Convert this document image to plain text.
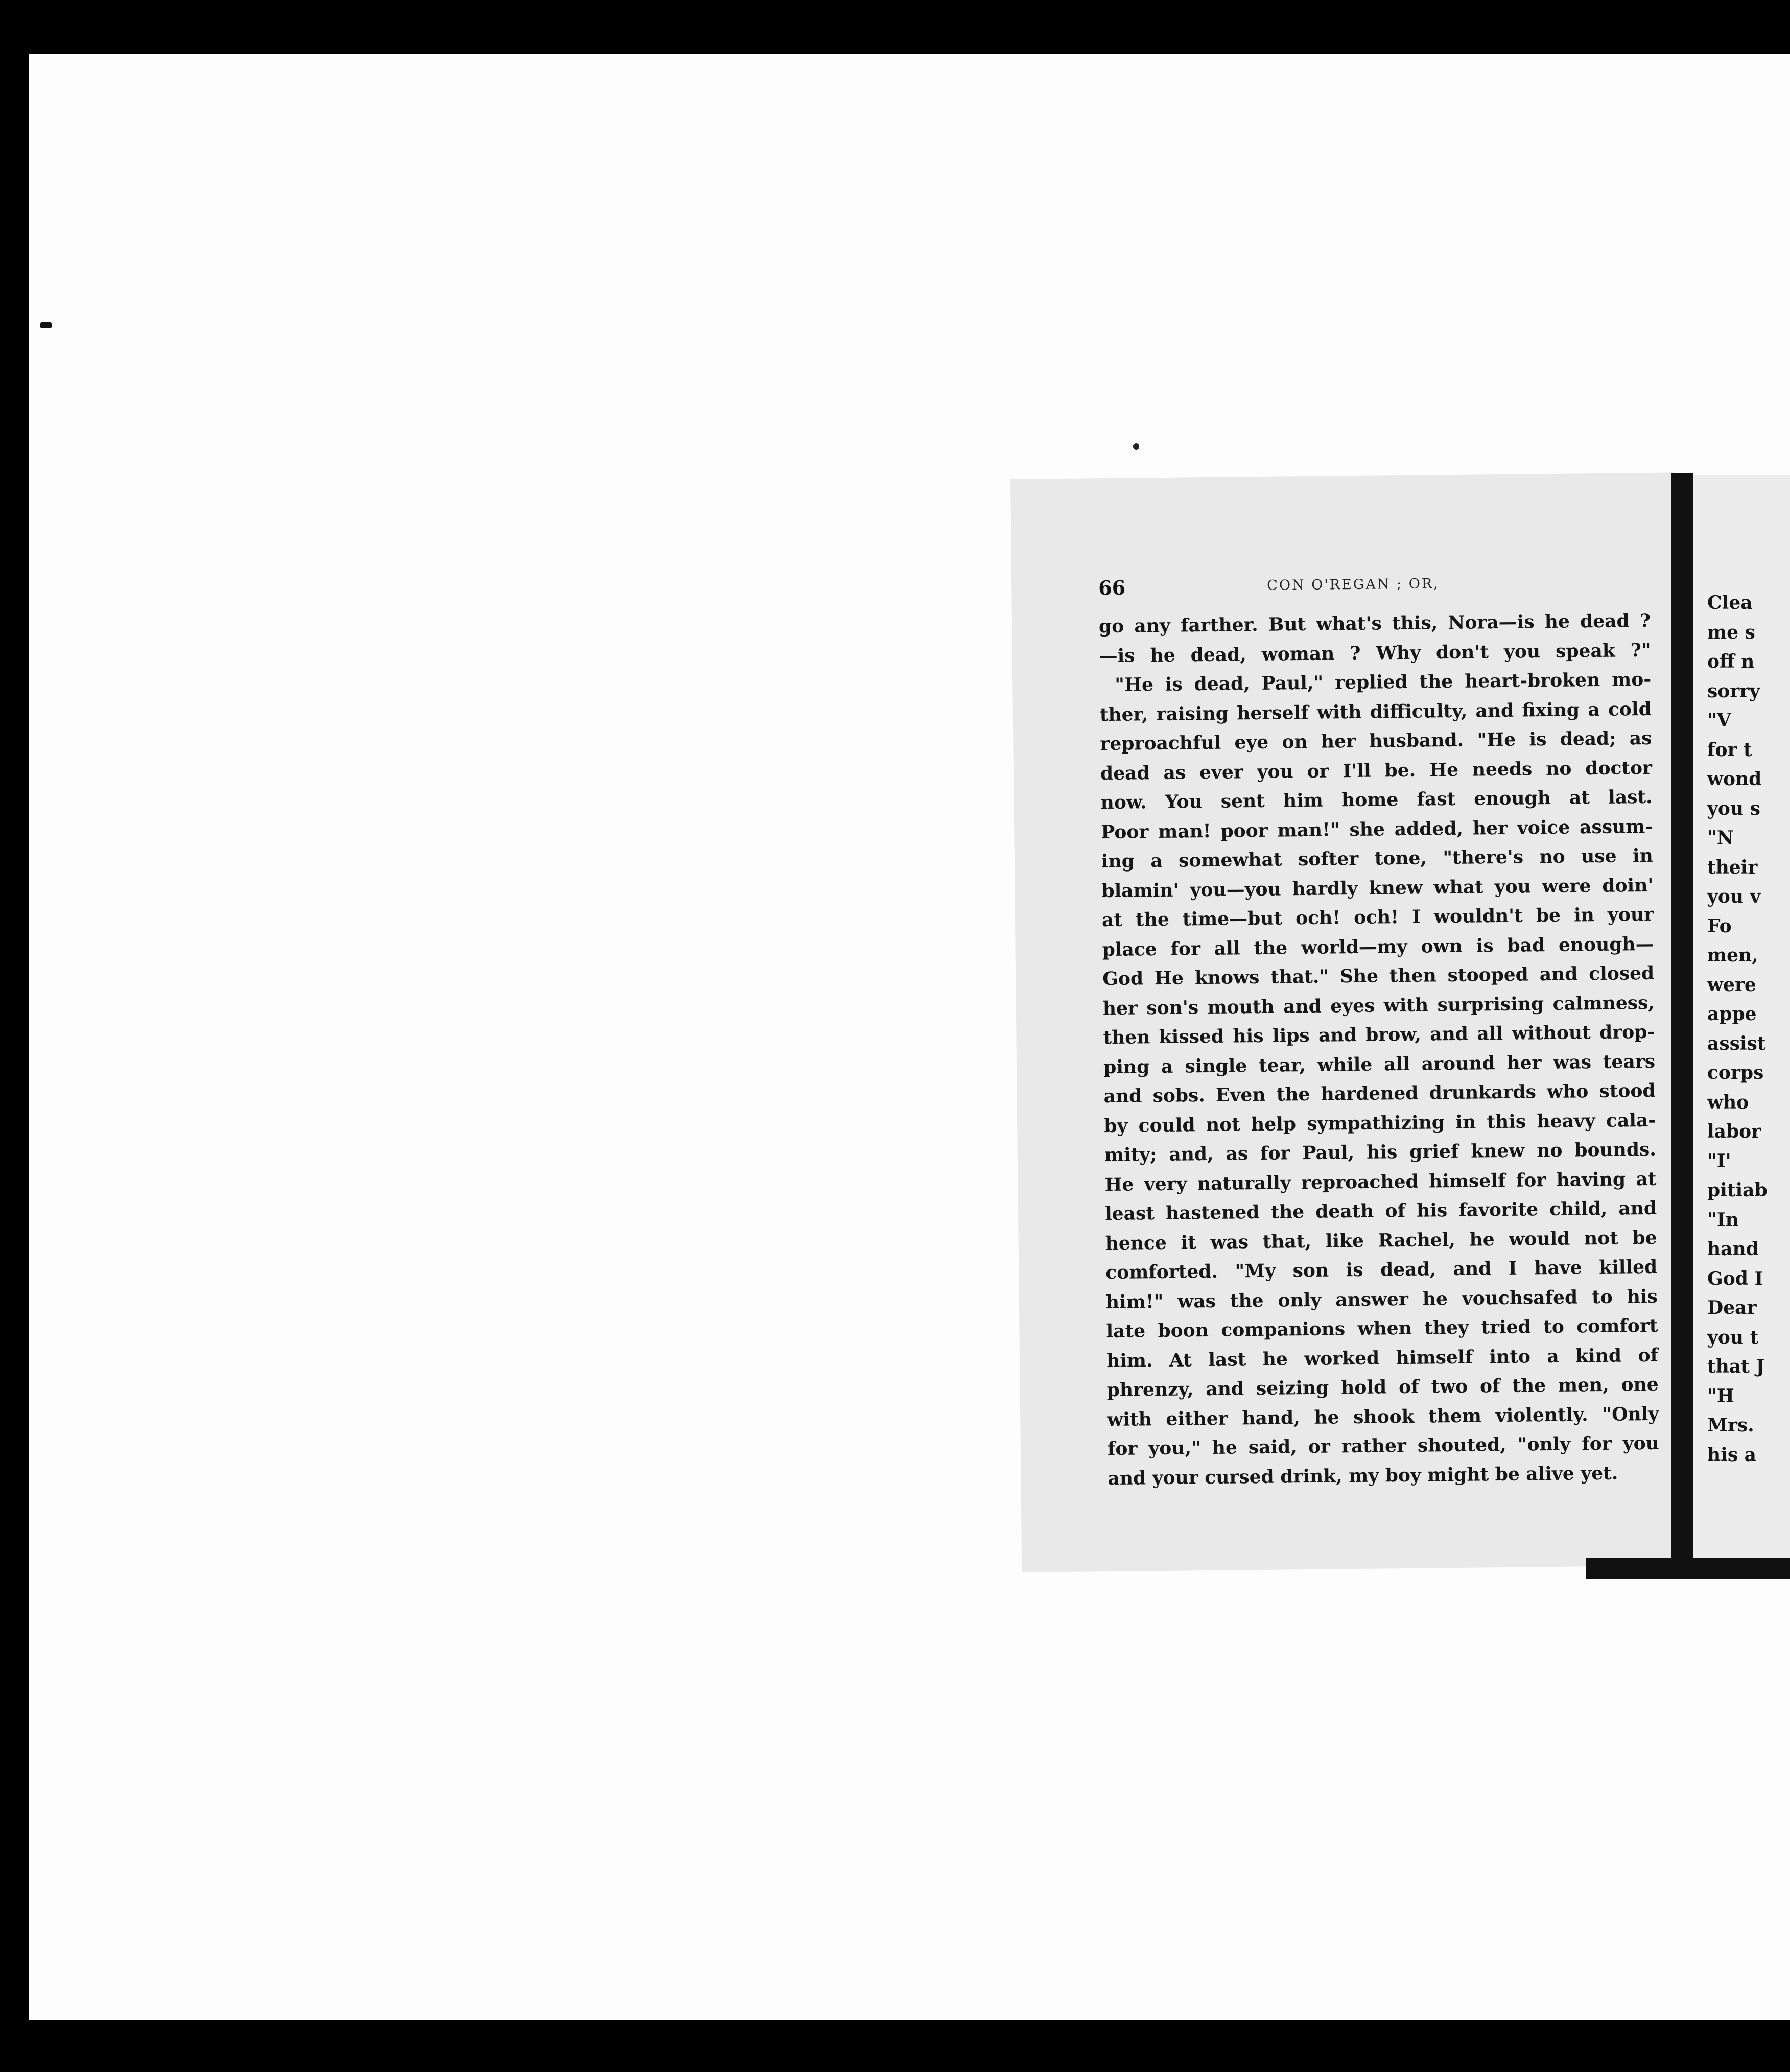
66	CON O'REGAN ; OR,
go any farther. But what's this, Nora—is he dead ?
—is he dead, woman ? Why don't you speak ?"
"He is dead, Paul," replied the heart-broken mo-
ther, raising herself with difficulty, and fixing a cold
reproachful eye on her husband. "He is dead; as
dead as ever you or I'll be. He needs no doctor
now. You sent him home fast enough at last.
Poor man! poor man!" she added, her voice assum-
ing a somewhat softer tone, "there's no use in
blamin' you—you hardly knew what you were doin'
at the time—but och! och! I wouldn't be in your
place for all the world—my own is bad enough—
God He knows that." She then stooped and closed
her son's mouth and eyes with surprising calmness,
then kissed his lips and brow, and all without drop-
ping a single tear, while all around her was tears
and sobs. Even the hardened drunkards who stood
by could not help sympathizing in this heavy cala-
mity; and, as for Paul, his grief knew no bounds.
He very naturally reproached himself for having at
least hastened the death of his favorite child, and
hence it was that, like Rachel, he would not be
comforted. "My son is dead, and I have killed
him!" was the only answer he vouchsafed to his
late boon companions when they tried to comfort
him. At last he worked himself into a kind of
phrenzy, and seizing hold of two of the men, one
with either hand, he shook them violently. "Only
for you," he said, or rather shouted, "only for you
and your cursed drink, my boy might be alive yet.
Clea
me s
off n
sorry
"V
for t
wond
you s
"N
their
you v
Fo
men,
were
appe
assist
corps
who
labor
"I'
pitiab
"In
hand
God I
Dear
you t
that J
"H
Mrs.
his a
